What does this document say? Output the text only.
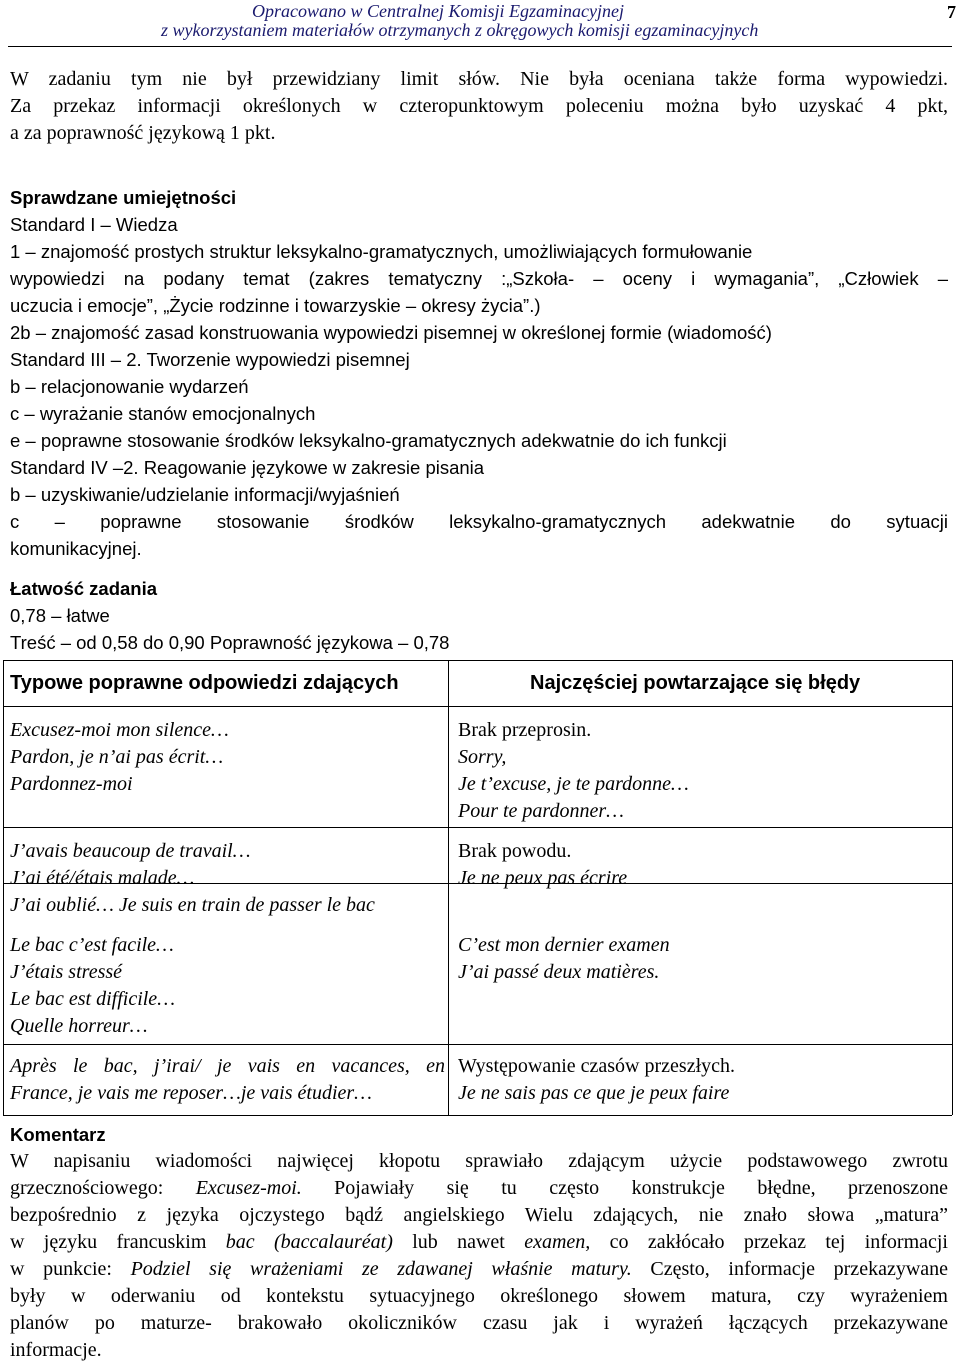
Opracowano w Centralnej Komisji Egzaminacyjnej
z wykorzystaniem materiałów otrzymanych z okręgowych komisji egzaminacyjnych
7
W zadaniu tym nie był przewidziany limit słów. Nie była oceniana także forma wypowiedzi.
Za przekaz informacji określonych w czteropunktowym poleceniu można było uzyskać 4 pkt,
a za poprawność językową 1 pkt.
Sprawdzane umiejętności
Standard I – Wiedza
1 – znajomość prostych struktur leksykalno-gramatycznych, umożliwiających formułowanie
wypowiedzi na podany temat (zakres tematyczny :„Szkoła- – oceny i wymagania”, „Człowiek –
uczucia i emocje”, „Życie rodzinne i towarzyskie – okresy życia”.)
2b – znajomość zasad konstruowania wypowiedzi pisemnej w określonej formie (wiadomość)
Standard III – 2. Tworzenie wypowiedzi pisemnej
b – relacjonowanie wydarzeń
c – wyrażanie stanów emocjonalnych
e – poprawne stosowanie środków leksykalno-gramatycznych adekwatnie do ich funkcji
Standard IV –2. Reagowanie językowe w zakresie pisania
b – uzyskiwanie/udzielanie informacji/wyjaśnień
c – poprawne stosowanie środków leksykalno-gramatycznych adekwatnie do sytuacji
komunikacyjnej.
Łatwość zadania
0,78 – łatwe
Treść – od 0,58 do 0,90 Poprawność językowa – 0,78
Typowe poprawne odpowiedzi zdających	Najczęściej powtarzające się błędy
Excusez-moi mon silence…
Pardon, je n’ai pas écrit…
Pardonnez-moi
Brak przeprosin.
Sorry,
Je t’excuse, je te pardonne…
Pour te pardonner…
J’avais beaucoup de travail…
J’ai été/étais malade…
J’ai oublié… Je suis en train de passer le bac
Brak powodu.
Je ne peux pas écrire
Le bac c’est facile…
J’étais stressé
Le bac est difficile…
Quelle horreur…
C’est mon dernier examen
J’ai passé deux matières.
Après le bac, j’irai/ je vais en vacances, en
France, je vais me reposer…je vais étudier…
Występowanie czasów przeszłych.
Je ne sais pas ce que je peux faire
Komentarz
W napisaniu wiadomości najwięcej kłopotu sprawiało zdającym użycie podstawowego zwrotu
grzecznościowego: Excusez-moi. Pojawiały się tu często konstrukcje błędne, przenoszone
bezpośrednio z języka ojczystego bądź angielskiego Wielu zdających, nie znało słowa „matura”
w języku francuskim bac (baccalauréat) lub nawet examen, co zakłócało przekaz tej informacji
w punkcie: Podziel się wrażeniami ze zdawanej właśnie matury. Często, informacje przekazywane
były w oderwaniu od kontekstu sytuacyjnego określonego słowem matura, czy wyrażeniem
planów po maturze- brakowało okoliczników czasu jak i wyrażeń łączących przekazywane
informacje.
